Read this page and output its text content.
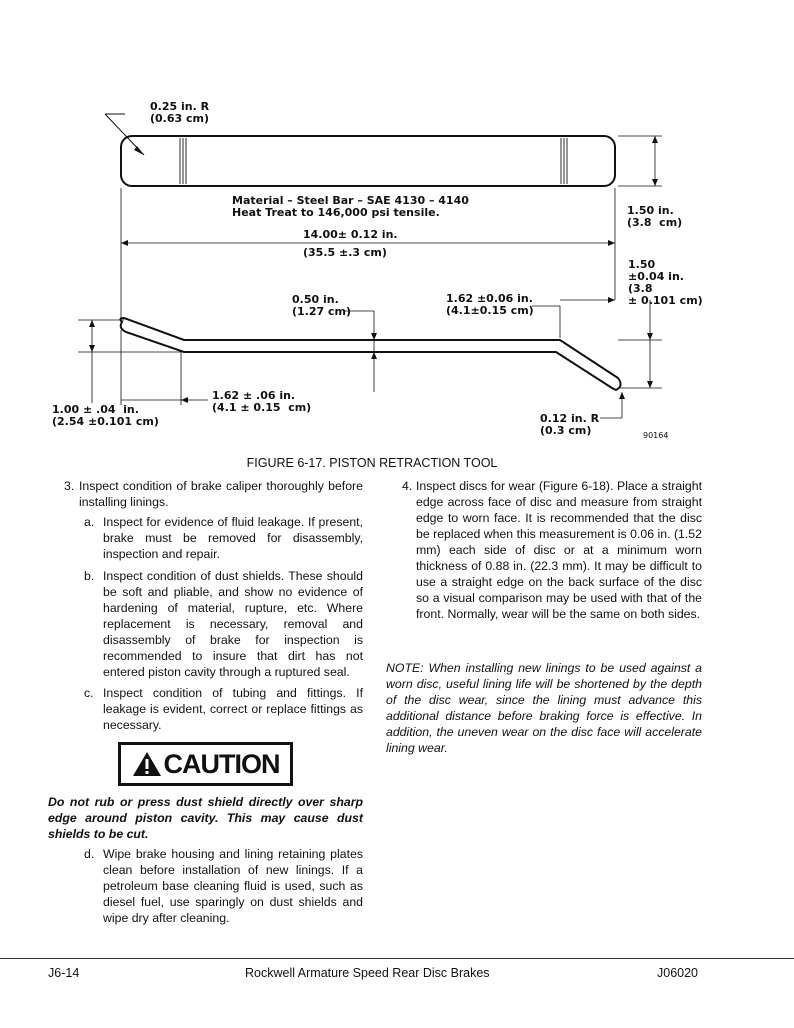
0.25 in. R
(0.63 cm)
Material – Steel Bar – SAE 4130 – 4140
Heat Treat to 146,000 psi tensile.
14.00± 0.12 in.
(35.5 ±.3 cm)
1.50 in.
(3.8  cm)
1.50
±0.04 in.
(3.8
± 0.101 cm)
0.50 in.
(1.27 cm)
1.62 ±0.06 in.
(4.1±0.15 cm)
1.62 ± .06 in.
(4.1 ± 0.15  cm)
1.00 ± .04  in.
(2.54 ±0.101 cm)	0.12 in. R
(0.3 cm)	90164
FIGURE 6-17. PISTON RETRACTION TOOL
3. Inspect condition of brake caliper thoroughly before installing linings.
a. Inspect for evidence of fluid leakage. If present, brake must be removed for disassembly, inspection and repair.
b. Inspect condition of dust shields. These should be soft and pliable, and show no evidence of hardening of material, rupture, etc. Where replacement is necessary, removal and disassembly of brake for inspection is recommended to insure that dirt has not entered piston cavity through a ruptured seal.
c. Inspect condition of tubing and fittings. If leakage is evident, correct or replace fittings as necessary.
CAUTION
Do not rub or press dust shield directly over sharp edge around piston cavity. This may cause dust shields to be cut.
d. Wipe brake housing and lining retaining plates clean before installation of new linings. If a petroleum base cleaning fluid is used, such as diesel fuel, use sparingly on dust shields and wipe dry after cleaning.
4. Inspect discs for wear (Figure 6-18). Place a straight edge across face of disc and measure from straight edge to worn face. It is recommended that the disc be replaced when this measurement is 0.06 in. (1.52 mm) each side of disc or at a minimum worn thickness of 0.88 in. (22.3 mm). It may be difficult to use a straight edge on the back surface of the disc so a visual comparison may be used with that of the front. Normally, wear will be the same on both sides.
NOTE: When installing new linings to be used against a worn disc, useful lining life will be shortened by the depth of the disc wear, since the lining must advance this additional distance before braking force is effective. In addition, the uneven wear on the disc face will accelerate lining wear.
J6-14	Rockwell Armature Speed Rear Disc Brakes	J06020
